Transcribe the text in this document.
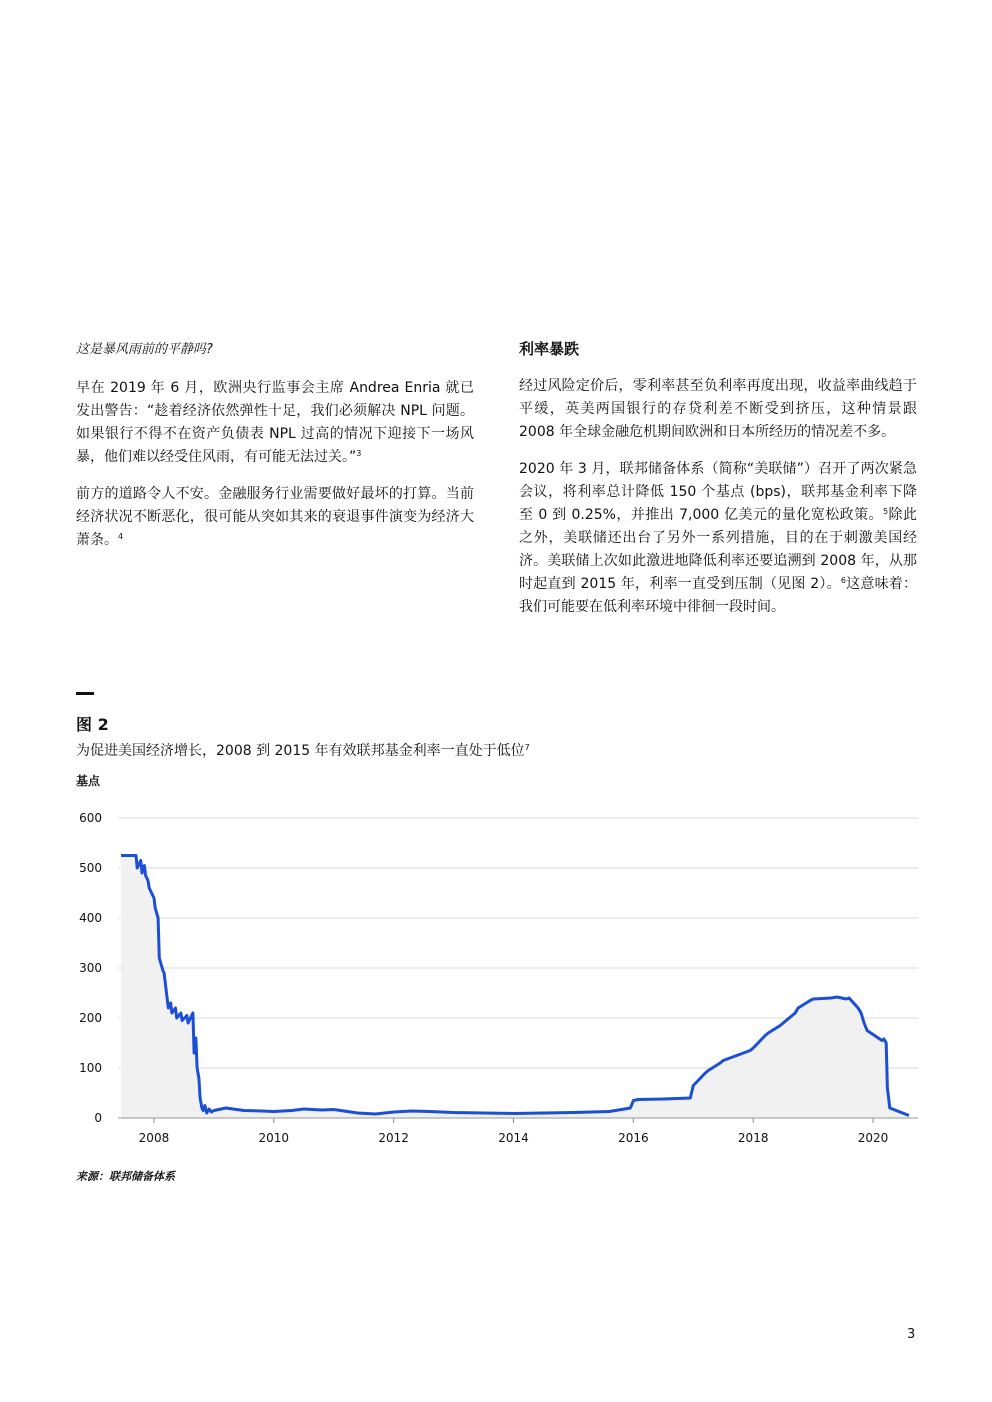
这是暴风雨前的平静吗?

早在 2019 年 6 月，欧洲央行监事会主席 Andrea Enria 就已发出警告：“趁着经济依然弹性十足，我们必须解决 NPL 问题。如果银行不得不在资产负债表 NPL 过高的情况下迎接下一场风暴，他们难以经受住风雨，有可能无法过关。”$^3$

前方的道路令人不安。金融服务行业需要做好最坏的打算。当前经济状况不断恶化，很可能从突如其来的衰退事件演变为经济大萧条。$^4$

利率暴跌

经过风险定价后，零利率甚至负利率再度出现，收益率曲线趋于平缓，英美两国银行的存贷利差不断受到挤压，这种情景跟 2008 年全球金融危机期间欧洲和日本所经历的情况差不多。

2020 年 3 月，联邦储备体系（简称“美联储”）召开了两次紧急会议，将利率总计降低 150 个基点 (bps)，联邦基金利率下降至 0 到 0.25%，并推出 7,000 亿美元的量化宽松政策。$^5$除此之外，美联储还出台了另外一系列措施，目的在于刺激美国经济。美联储上次如此激进地降低利率还要追溯到 2008 年，从那时起直到 2015 年，利率一直受到压制（见图 2）。$^6$这意味着：我们可能要在低利率环境中徘徊一段时间。

图 2
为促进美国经济增长，2008 到 2015 年有效联邦基金利率一直处于低位$^7$
基点
0
100
200
300
400
500
600
2008	2010	2012	2014	2016	2018	2020
来源：联邦储备体系
3
